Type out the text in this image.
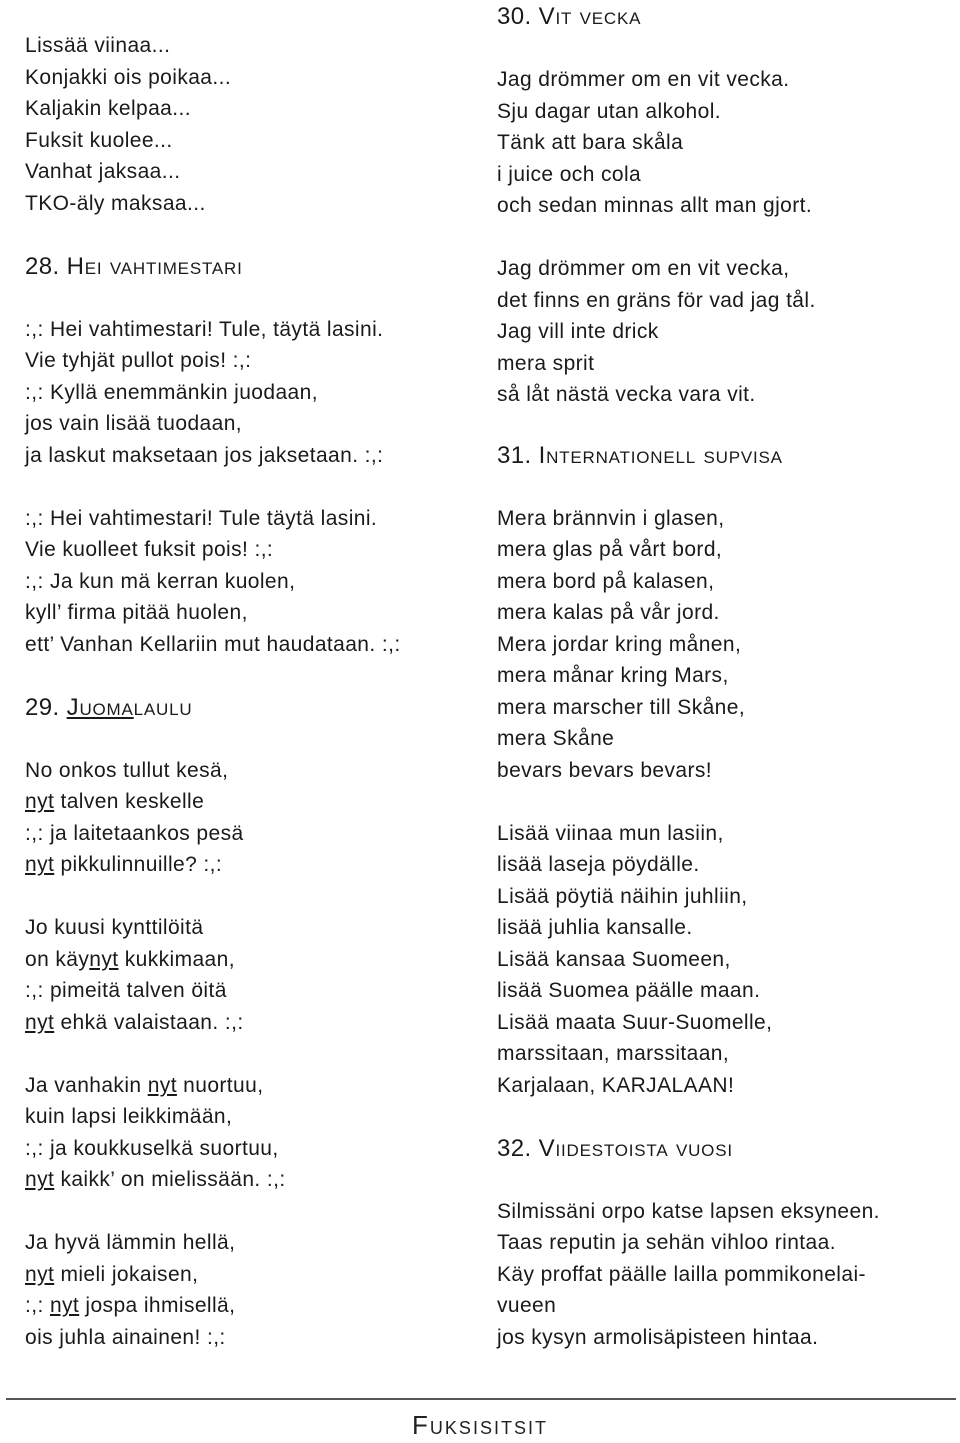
Lissää viinaa...
Konjakki ois poikaa...
Kaljakin kelpaa...
Fuksit kuolee...
Vanhat jaksaa...
TKO-äly maksaa...
28. Hei vahtimestari
:,: Hei vahtimestari! Tule, täytä lasini.
Vie tyhjät pullot pois! :,:
:,: Kyllä enemmänkin juodaan,
jos vain lisää tuodaan,
ja laskut maksetaan jos jaksetaan. :,:
:,: Hei vahtimestari! Tule täytä lasini.
Vie kuolleet fuksit pois! :,:
:,: Ja kun mä kerran kuolen,
kyll’ firma pitää huolen,
ett’ Vanhan Kellariin mut haudataan. :,:
29. Juomalaulu
No onkos tullut kesä,
nyt talven keskelle
:,: ja laitetaankos pesä
nyt pikkulinnuille? :,:
Jo kuusi kynttilöitä
on käynyt kukkimaan,
:,: pimeitä talven öitä
nyt ehkä valaistaan. :,:
Ja vanhakin nyt nuortuu,
kuin lapsi leikkimään,
:,: ja koukkuselkä suortuu,
nyt kaikk’ on mielissään. :,:
Ja hyvä lämmin hellä,
nyt mieli jokaisen,
:,: nyt jospa ihmisellä,
ois juhla ainainen! :,:
30. Vit vecka
Jag drömmer om en vit vecka.
Sju dagar utan alkohol.
Tänk att bara skåla
i juice och cola
och sedan minnas allt man gjort.
Jag drömmer om en vit vecka,
det finns en gräns för vad jag tål.
Jag vill inte drick
mera sprit
så låt nästä vecka vara vit.
31. Internationell supvisa
Mera brännvin i glasen,
mera glas på vårt bord,
mera bord på kalasen,
mera kalas på vår jord.
Mera jordar kring månen,
mera månar kring Mars,
mera marscher till Skåne,
mera Skåne
bevars bevars bevars!
Lisää viinaa mun lasiin,
lisää laseja pöydälle.
Lisää pöytiä näihin juhliin,
lisää juhlia kansalle.
Lisää kansaa Suomeen,
lisää Suomea päälle maan.
Lisää maata Suur-Suomelle,
marssitaan, marssitaan,
Karjalaan, KARJALAAN!
32. Viidestoista vuosi
Silmissäni orpo katse lapsen eksyneen.
Taas reputin ja sehän vihloo rintaa.
Käy proffat päälle lailla pommikonelai-
vueen
jos kysyn armolisäpisteen hintaa.
Fuksisitsit
